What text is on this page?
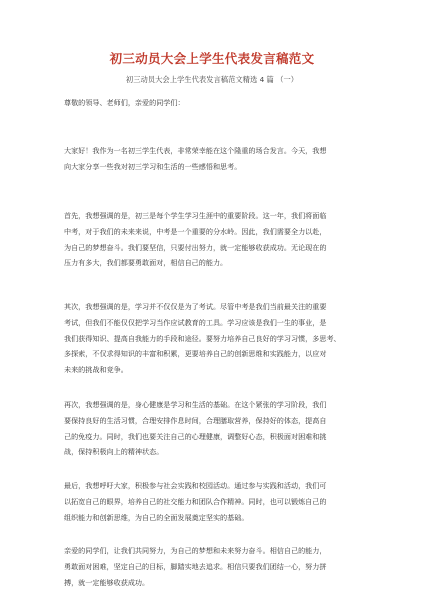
初三动员大会上学生代表发言稿范文
初三动员大会上学生代表发言稿范文精选 4 篇 （一）

尊敬的领导、老师们，亲爱的同学们：

大家好！我作为一名初三学生代表，非常荣幸能在这个隆重的场合发言。今天，我想
向大家分享一些我对初三学习和生活的一些感悟和思考。

首先，我想强调的是，初三是每个学生学习生涯中的重要阶段。这一年，我们将面临
中考，对于我们的未来来说，中考是一个重要的分水岭。因此，我们需要全力以赴，
为自己的梦想奋斗。我们要坚信，只要付出努力，就一定能够收获成功。无论现在的
压力有多大，我们都要勇敢面对，相信自己的能力。

其次，我想强调的是，学习并不仅仅是为了考试。尽管中考是我们当前最关注的重要
考试，但我们不能仅仅把学习当作应试教育的工具。学习应该是我们一生的事业，是
我们获得知识、提高自我能力的手段和途径。要努力培养自己良好的学习习惯，多思考、
多探索，不仅求得知识的丰富和积累，更要培养自己的创新思维和实践能力，以应对
未来的挑战和竞争。

再次，我想强调的是，身心健康是学习和生活的基础。在这个紧张的学习阶段，我们
要保持良好的生活习惯，合理安排作息时间，合理膳取营养，保持好的体态，提高自
己的免疫力。同时，我们也要关注自己的心理健康，调整好心态，积极面对困难和挑
战，保持积极向上的精神状态。

最后，我想呼吁大家，积极参与社会实践和校园活动。通过参与实践和活动，我们可
以拓宽自己的眼界，培养自己的社交能力和团队合作精神。同时，也可以锻炼自己的
组织能力和创新思维，为自己的全面发展奠定坚实的基础。

亲爱的同学们，让我们共同努力，为自己的梦想和未来努力奋斗。相信自己的能力，
勇敢面对困难，坚定自己的目标，脚踏实地去追求。相信只要我们团结一心，努力拼
搏，就一定能够收获成功。
